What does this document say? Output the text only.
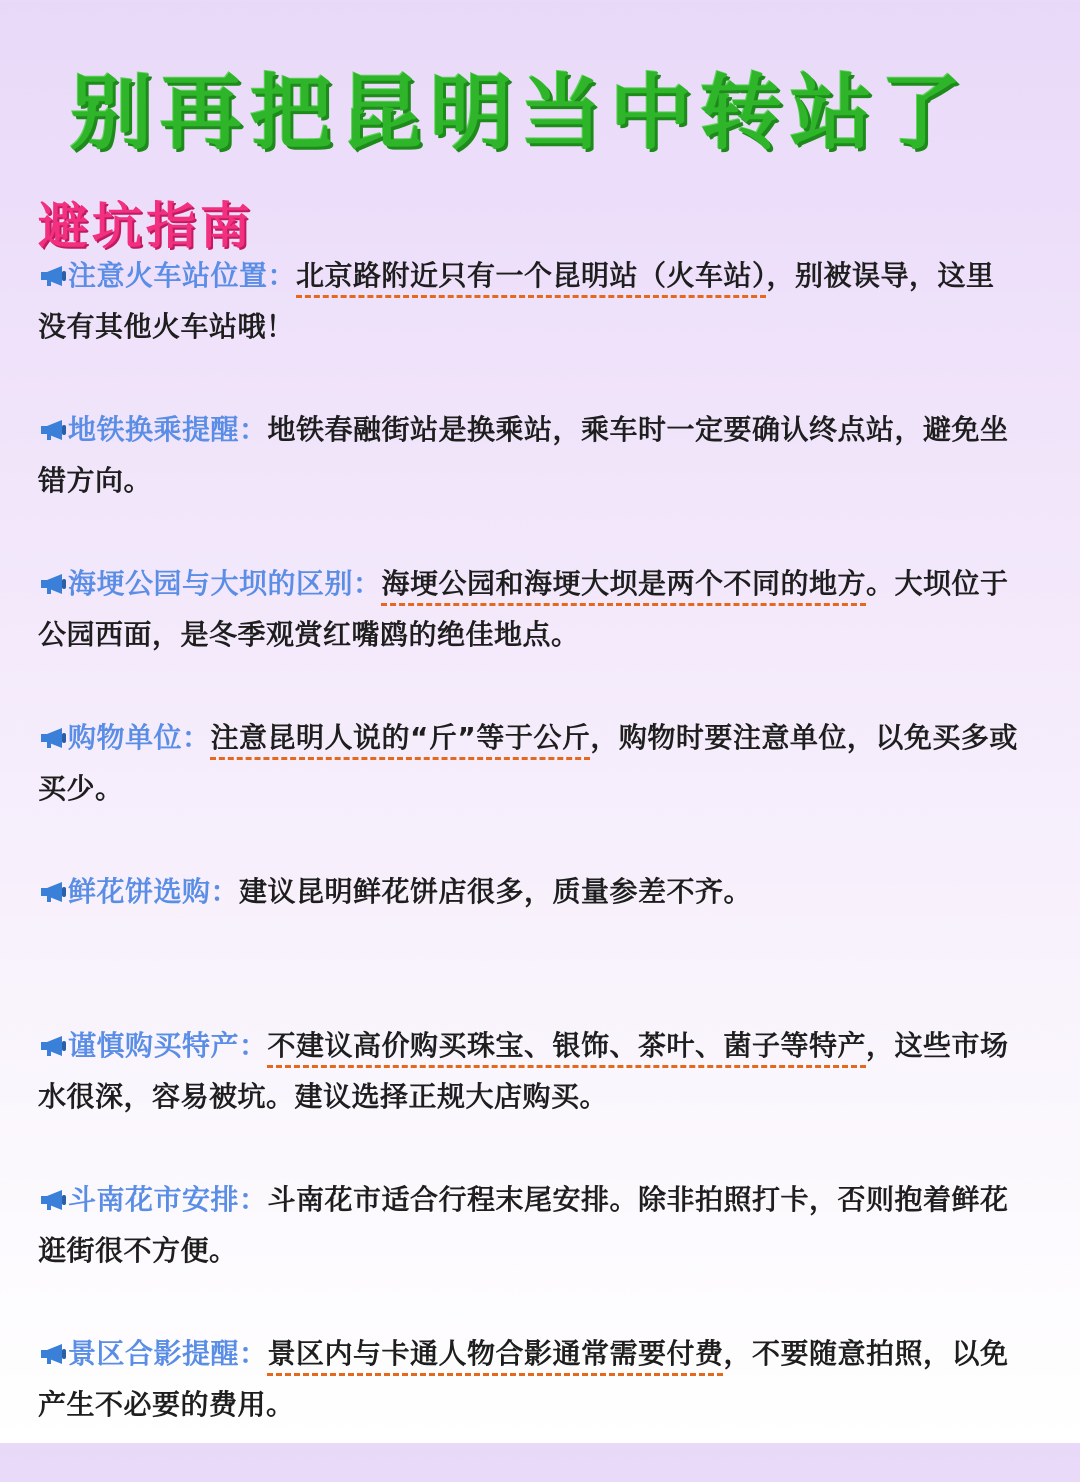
别再把昆明当中转站了
避坑指南
注意火车站位置：北京路附近只有一个昆明站（火车站），别被误导，这里没有其他火车站哦！
地铁换乘提醒：地铁春融街站是换乘站，乘车时一定要确认终点站，避免坐错方向。
海埂公园与大坝的区别：海埂公园和海埂大坝是两个不同的地方。大坝位于公园西面，是冬季观赏红嘴鸥的绝佳地点。
购物单位：注意昆明人说的“斤”等于公斤，购物时要注意单位，以免买多或买少。
鲜花饼选购：建议昆明鲜花饼店很多，质量参差不齐。
谨慎购买特产：不建议高价购买珠宝、银饰、茶叶、菌子等特产，这些市场水很深，容易被坑。建议选择正规大店购买。
斗南花市安排：斗南花市适合行程末尾安排。除非拍照打卡，否则抱着鲜花逛街很不方便。
景区合影提醒：景区内与卡通人物合影通常需要付费，不要随意拍照，以免产生不必要的费用。
